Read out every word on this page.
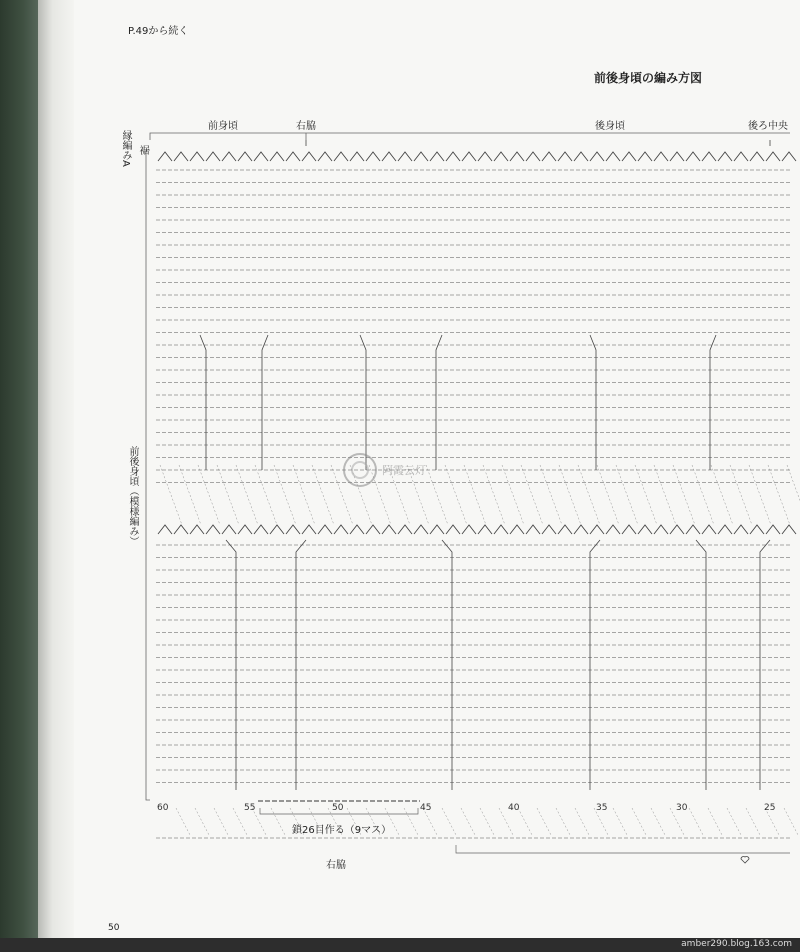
P.49から続く
前後身頃の編み方図
前身頃	右脇	後身頃	後ろ中央
縁編みA 裾
前後身頃（模様編み）
60	55	50	45	40	35	30	25
鎖26目作る（9マス）
右脇
50
阿霞云灯
amber290.blog.163.com
